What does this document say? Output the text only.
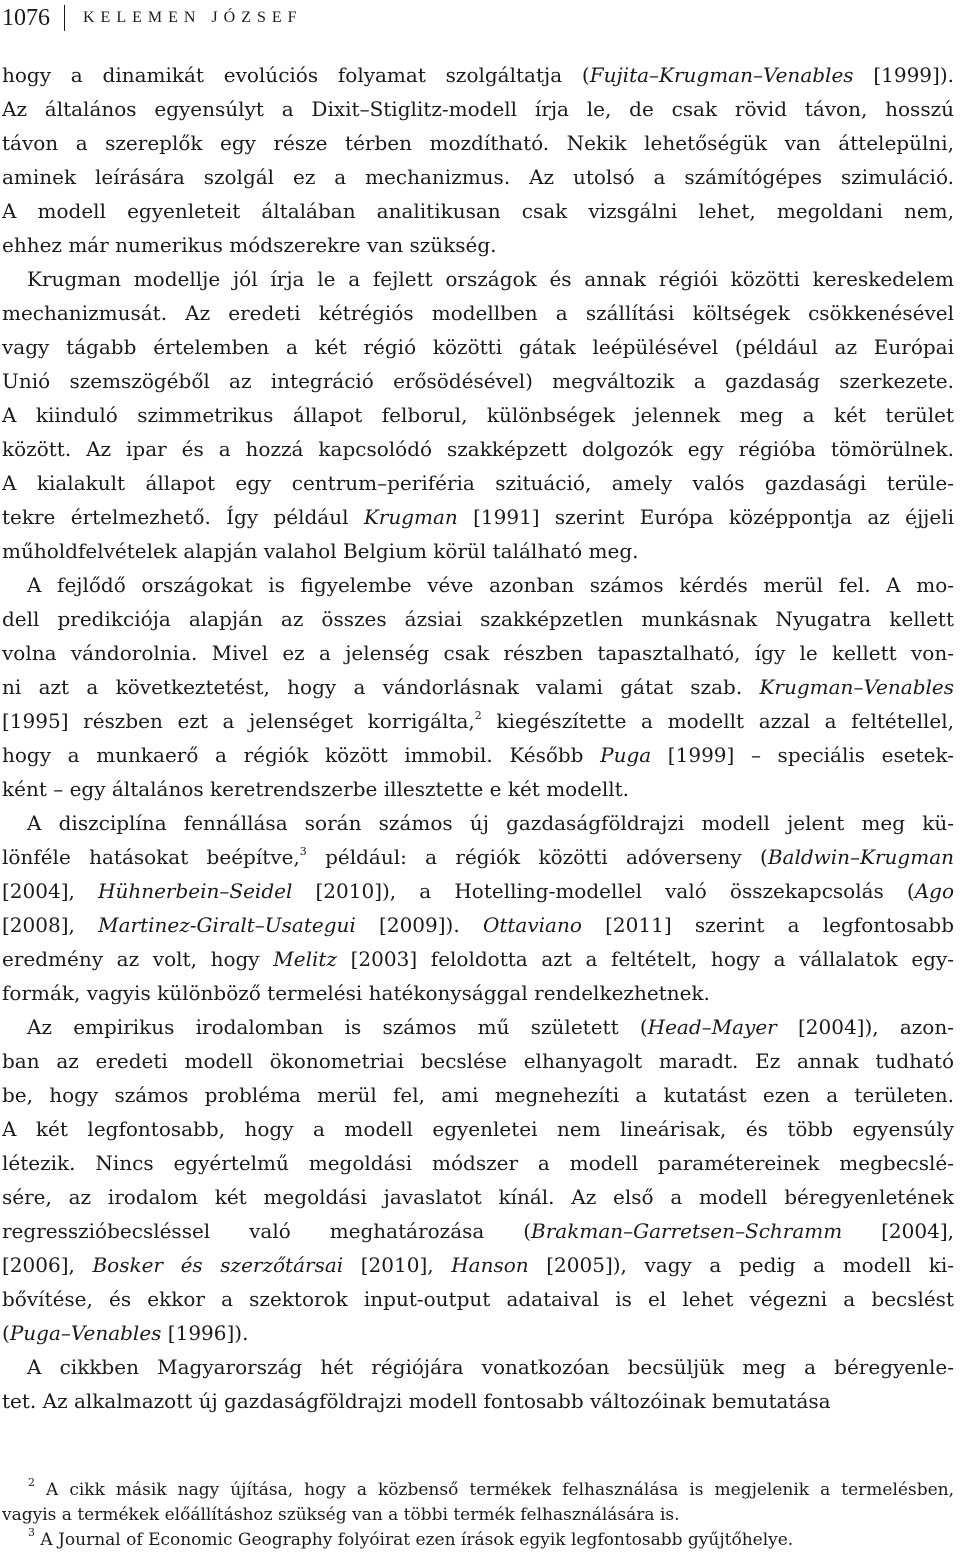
1076	KELEMEN JÓZSEF

hogy a dinamikát evolúciós folyamat szolgáltatja (Fujita–Krugman–Venables [1999]).
Az általános egyensúlyt a Dixit–Stiglitz-modell írja le, de csak rövid távon, hosszú
távon a szereplők egy része térben mozdítható. Nekik lehetőségük van áttelepülni,
aminek leírására szolgál ez a mechanizmus. Az utolsó a számítógépes szimuláció.
A modell egyenleteit általában analitikusan csak vizsgálni lehet, megoldani nem,
ehhez már numerikus módszerekre van szükség.

Krugman modellje jól írja le a fejlett országok és annak régiói közötti kereskedelem
mechanizmusát. Az eredeti kétrégiós modellben a szállítási költségek csökkenésével
vagy tágabb értelemben a két régió közötti gátak leépülésével (például az Európai
Unió szemszögéből az integráció erősödésével) megváltozik a gazdaság szerkezete.
A kiinduló szimmetrikus állapot felborul, különbségek jelennek meg a két terület
között. Az ipar és a hozzá kapcsolódó szakképzett dolgozók egy régióba tömörülnek.
A kialakult állapot egy centrum–periféria szituáció, amely valós gazdasági terüle-
tekre értelmezhető. Így például Krugman [1991] szerint Európa középpontja az éjjeli
műholdfelvételek alapján valahol Belgium körül található meg.

A fejlődő országokat is figyelembe véve azonban számos kérdés merül fel. A mo-
dell predikciója alapján az összes ázsiai szakképzetlen munkásnak Nyugatra kellett
volna vándorolnia. Mivel ez a jelenség csak részben tapasztalható, így le kellett von-
ni azt a következtetést, hogy a vándorlásnak valami gátat szab. Krugman–Venables
[1995] részben ezt a jelenséget korrigálta,$^2$ kiegészítette a modellt azzal a feltétellel,
hogy a munkaerő a régiók között immobil. Később Puga [1999] – speciális esetek-
ként – egy általános keretrendszerbe illesztette e két modellt.

A diszciplína fennállása során számos új gazdaságföldrajzi modell jelent meg kü-
lönféle hatásokat beépítve,$^3$ például: a régiók közötti adóverseny (Baldwin–Krugman
[2004], Hühnerbein–Seidel [2010]), a Hotelling-modellel való összekapcsolás (Ago
[2008], Martinez-Giralt–Usategui [2009]). Ottaviano [2011] szerint a legfontosabb
eredmény az volt, hogy Melitz [2003] feloldotta azt a feltételt, hogy a vállalatok egy-
formák, vagyis különböző termelési hatékonysággal rendelkezhetnek.

Az empirikus irodalomban is számos mű született (Head–Mayer [2004]), azon-
ban az eredeti modell ökonometriai becslése elhanyagolt maradt. Ez annak tudható
be, hogy számos probléma merül fel, ami megnehezíti a kutatást ezen a területen.
A két legfontosabb, hogy a modell egyenletei nem lineárisak, és több egyensúly
létezik. Nincs egyértelmű megoldási módszer a modell paramétereinek megbecslé-
sére, az irodalom két megoldási javaslatot kínál. Az első a modell béregyenletének
regresszióbecsléssel való meghatározása (Brakman–Garretsen–Schramm [2004],
[2006], Bosker és szerzőtársai [2010], Hanson [2005]), vagy a pedig a modell ki-
bővítése, és ekkor a szektorok input-output adataival is el lehet végezni a becslést
(Puga–Venables [1996]).

A cikkben Magyarország hét régiójára vonatkozóan becsüljük meg a béregyenle-
tet. Az alkalmazott új gazdaságföldrajzi modell fontosabb változóinak bemutatása

$^2$ A cikk másik nagy újítása, hogy a közbenső termékek felhasználása is megjelenik a termelésben,
vagyis a termékek előállításhoz szükség van a többi termék felhasználására is.
$^3$ A Journal of Economic Geography folyóirat ezen írások egyik legfontosabb gyűjtőhelye.
